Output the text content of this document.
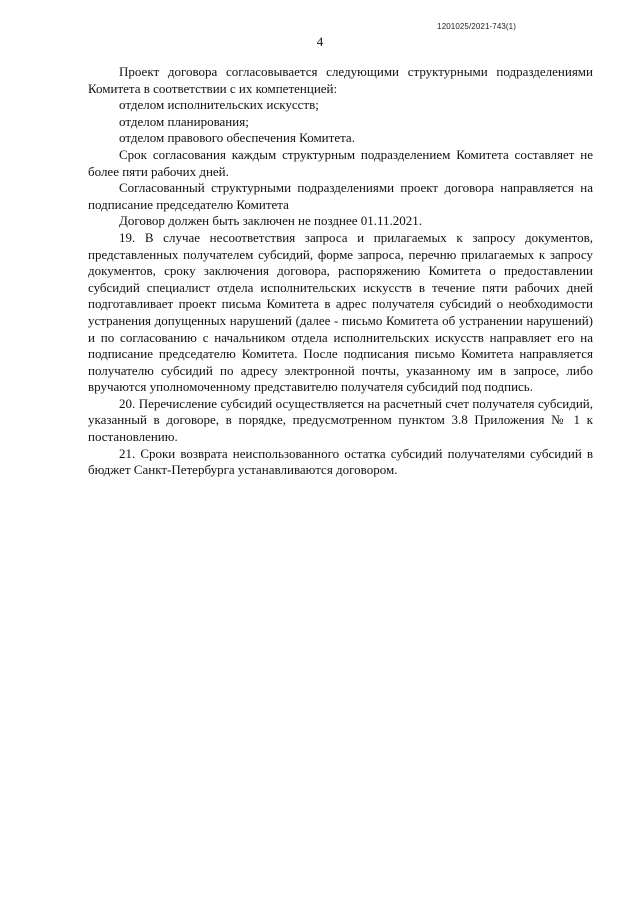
1201025/2021-743(1)
4

Проект договора согласовывается следующими структурными подразделениями Комитета в соответствии с их компетенцией:

отделом исполнительских искусств;

отделом планирования;

отделом правового обеспечения Комитета.

Срок согласования каждым структурным подразделением Комитета составляет не более пяти рабочих дней.

Согласованный структурными подразделениями проект договора направляется на подписание председателю Комитета

Договор должен быть заключен не позднее 01.11.2021.

19. В случае несоответствия запроса и прилагаемых к запросу документов, представленных получателем субсидий, форме запроса, перечню прилагаемых к запросу документов, сроку заключения договора, распоряжению Комитета о предоставлении субсидий специалист отдела исполнительских искусств в течение пяти рабочих дней подготавливает проект письма Комитета в адрес получателя субсидий о необходимости устранения допущенных нарушений (далее - письмо Комитета об устранении нарушений) и по согласованию с начальником отдела исполнительских искусств направляет его на подписание председателю Комитета. После подписания письмо Комитета направляется получателю субсидий по адресу электронной почты, указанному им в запросе, либо вручаются уполномоченному представителю получателя субсидий под подпись.

20. Перечисление субсидий осуществляется на расчетный счет получателя субсидий, указанный в договоре, в порядке, предусмотренном пунктом 3.8 Приложения № 1 к постановлению.

21. Сроки возврата неиспользованного остатка субсидий получателями субсидий в бюджет Санкт-Петербурга устанавливаются договором.
